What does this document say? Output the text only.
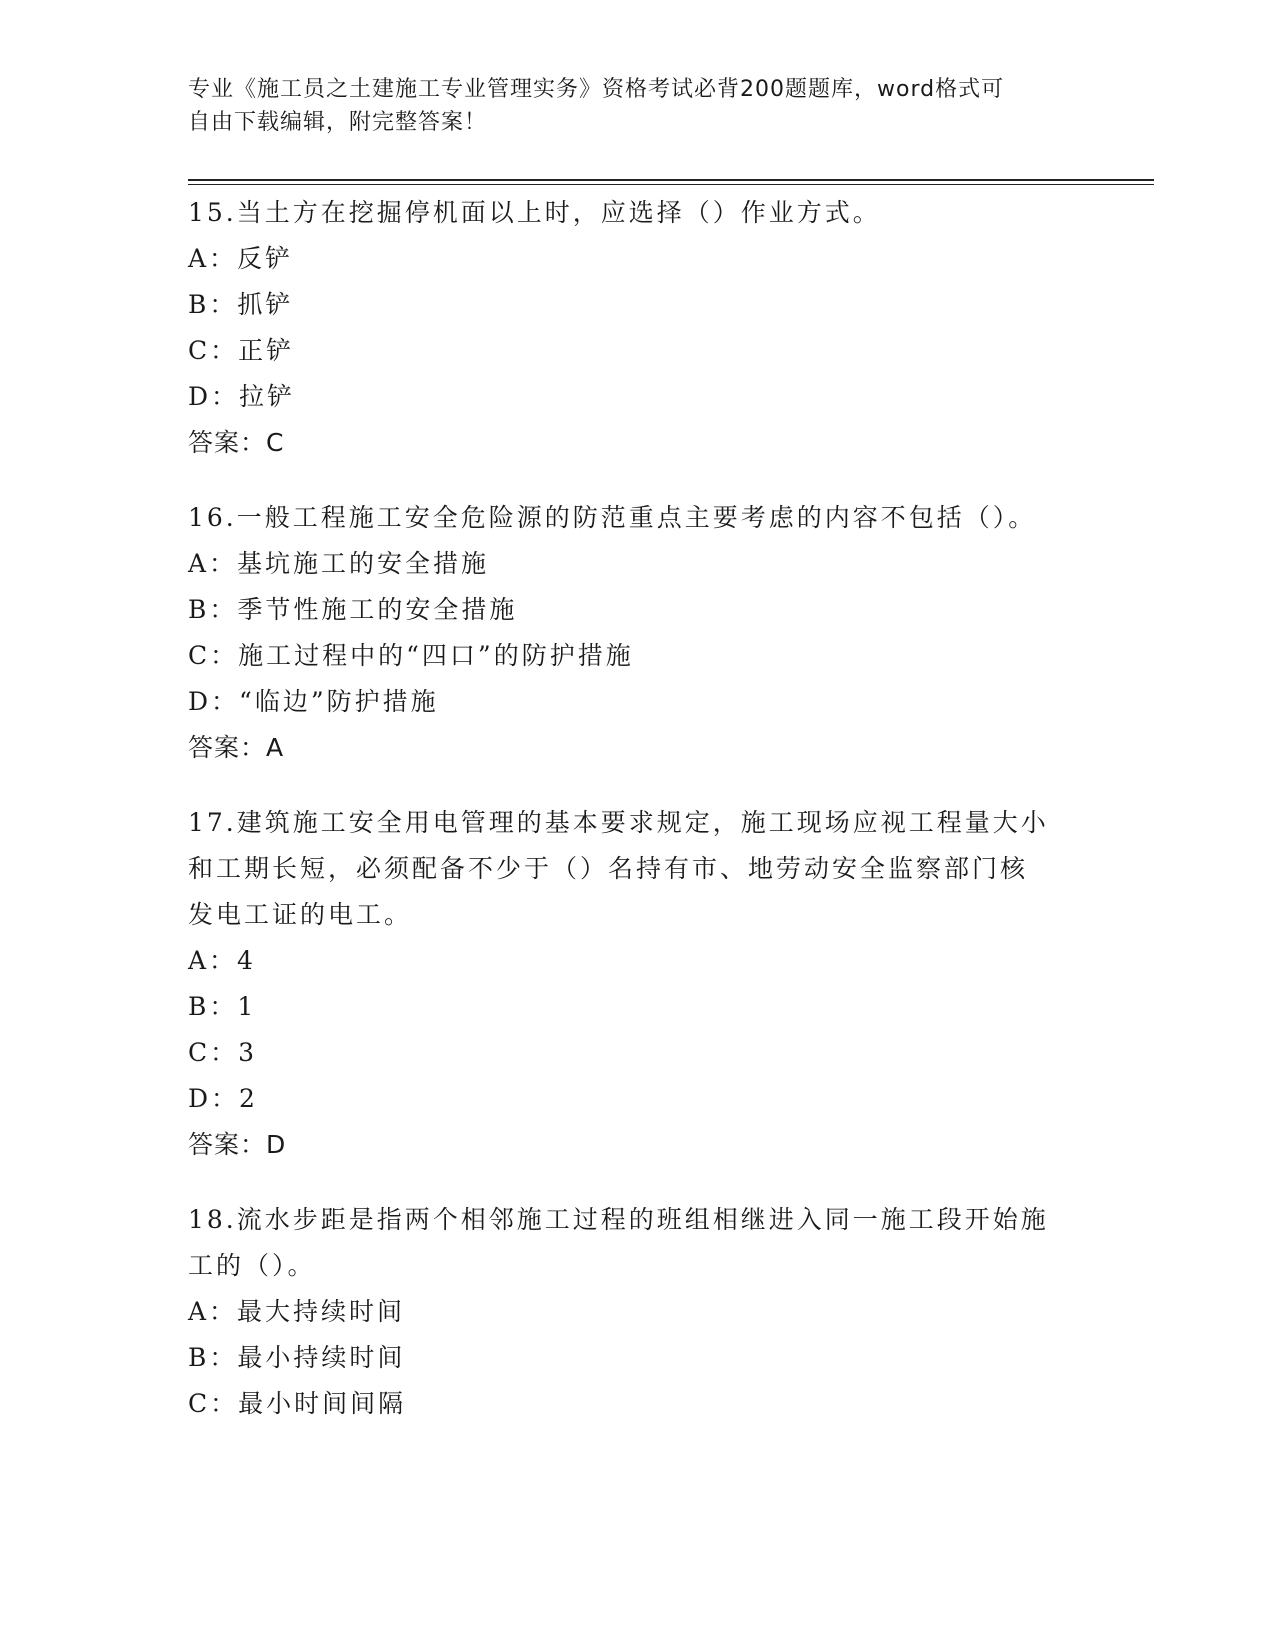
专业《施工员之土建施工专业管理实务》资格考试必背200题题库，word格式可
自由下载编辑，附完整答案！
15.当土方在挖掘停机面以上时，应选择（）作业方式。
A：反铲
B：抓铲
C：正铲
D：拉铲
答案：C
16.一般工程施工安全危险源的防范重点主要考虑的内容不包括（）。
A：基坑施工的安全措施
B：季节性施工的安全措施
C：施工过程中的“四口”的防护措施
D：“临边”防护措施
答案：A
17.建筑施工安全用电管理的基本要求规定，施工现场应视工程量大小
和工期长短，必须配备不少于（）名持有市、地劳动安全监察部门核
发电工证的电工。
A：4
B：1
C：3
D：2
答案：D
18.流水步距是指两个相邻施工过程的班组相继进入同一施工段开始施
工的（）。
A：最大持续时间
B：最小持续时间
C：最小时间间隔
